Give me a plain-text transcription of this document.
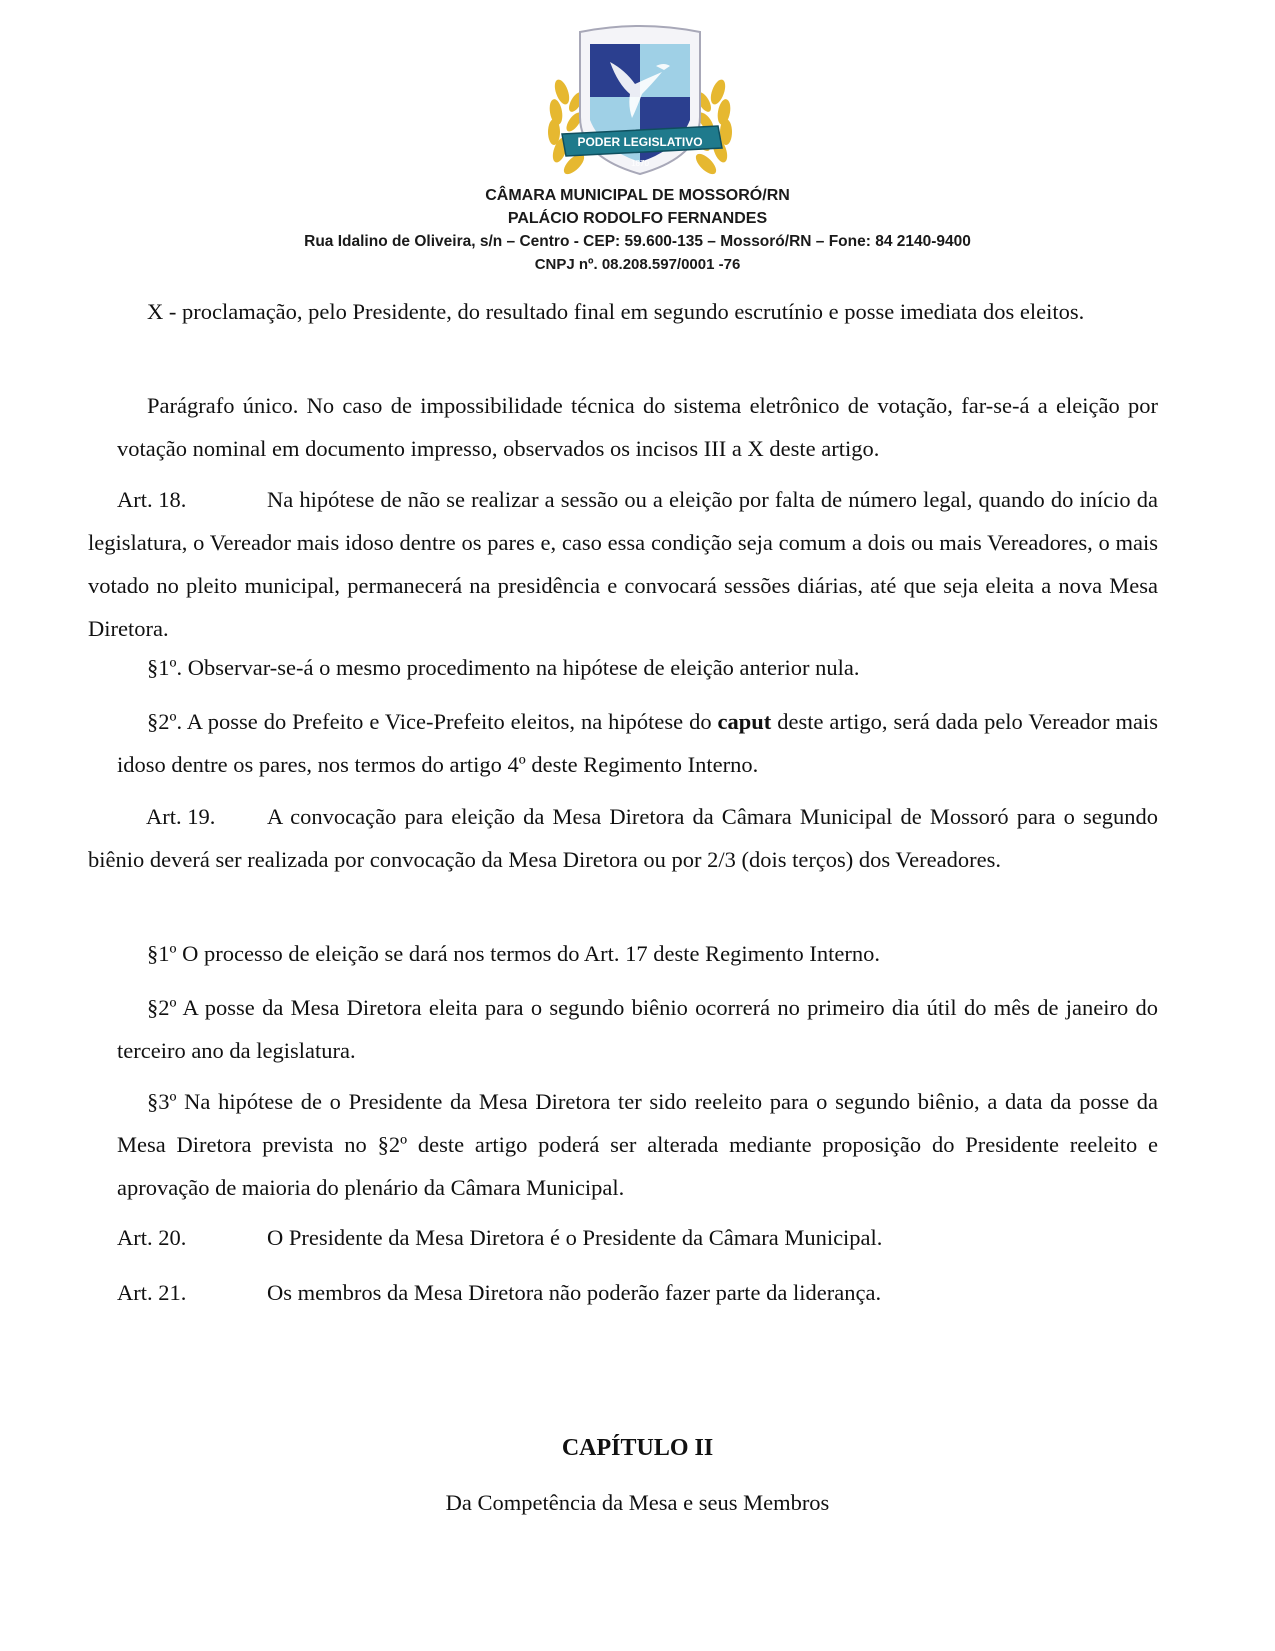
PODER LEGISLATIVO
1870
CÂMARA MUNICIPAL DE MOSSORÓ/RN
PALÁCIO RODOLFO FERNANDES
Rua Idalino de Oliveira, s/n – Centro - CEP: 59.600-135 – Mossoró/RN – Fone: 84 2140-9400
CNPJ nº. 08.208.597/0001 -76
X - proclamação, pelo Presidente, do resultado final em segundo escrutínio e posse imediata dos eleitos.
Parágrafo único. No caso de impossibilidade técnica do sistema eletrônico de votação, far-se-á a eleição por votação nominal em documento impresso, observados os incisos III a X deste artigo.
Art. 18.	Na hipótese de não se realizar a sessão ou a eleição por falta de número legal, quando do início da legislatura, o Vereador mais idoso dentre os pares e, caso essa condição seja comum a dois ou mais Vereadores, o mais votado no pleito municipal, permanecerá na presidência e convocará sessões diárias, até que seja eleita a nova Mesa Diretora.
§1º. Observar-se-á o mesmo procedimento na hipótese de eleição anterior nula.
§2º. A posse do Prefeito e Vice-Prefeito eleitos, na hipótese do caput deste artigo, será dada pelo Vereador mais idoso dentre os pares, nos termos do artigo 4º deste Regimento Interno.
Art. 19. A convocação para eleição da Mesa Diretora da Câmara Municipal de Mossoró para o segundo biênio deverá ser realizada por convocação da Mesa Diretora ou por 2/3 (dois terços) dos Vereadores.
§1º O processo de eleição se dará nos termos do Art. 17 deste Regimento Interno.
§2º A posse da Mesa Diretora eleita para o segundo biênio ocorrerá no primeiro dia útil do mês de janeiro do terceiro ano da legislatura.
§3º Na hipótese de o Presidente da Mesa Diretora ter sido reeleito para o segundo biênio, a data da posse da Mesa Diretora prevista no §2º deste artigo poderá ser alterada mediante proposição do Presidente reeleito e aprovação de maioria do plenário da Câmara Municipal.
Art. 20.	O Presidente da Mesa Diretora é o Presidente da Câmara Municipal.
Art. 21.	Os membros da Mesa Diretora não poderão fazer parte da liderança.
CAPÍTULO II
Da Competência da Mesa e seus Membros
